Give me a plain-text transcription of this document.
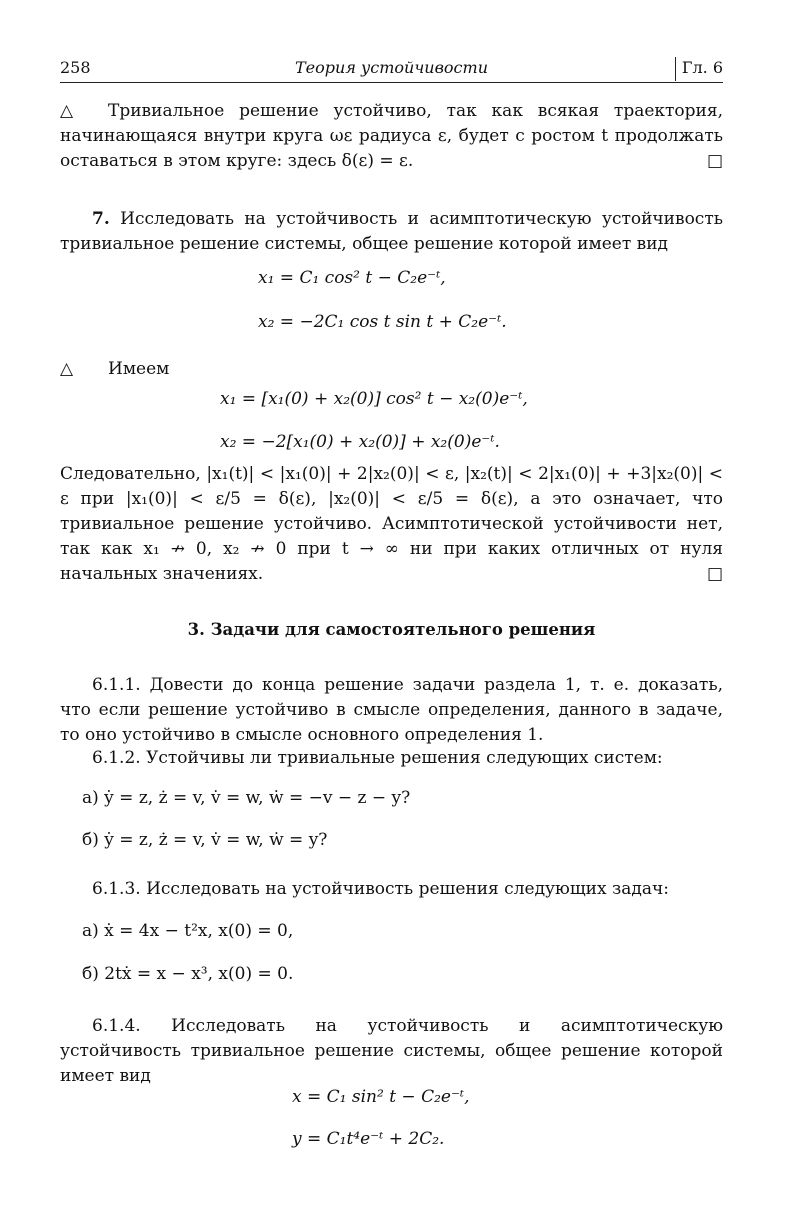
258	Теория устойчивости	Гл. 6
△ Тривиальное решение устойчиво, так как всякая траектория, начинающаяся внутри круга ωε радиуса ε, будет с ростом t продолжать оставаться в этом круге: здесь δ(ε) = ε.	□
7. Исследовать на устойчивость и асимптотическую устойчивость тривиальное решение системы, общее решение которой имеет вид
x₁ = C₁ cos² t − C₂e⁻ᵗ,
x₂ = −2C₁ cos t sin t + C₂e⁻ᵗ.
△ Имеем
x₁ = [x₁(0) + x₂(0)] cos² t − x₂(0)e⁻ᵗ,
x₂ = −2[x₁(0) + x₂(0)] + x₂(0)e⁻ᵗ.
Следовательно, |x₁(t)| < |x₁(0)| + 2|x₂(0)| < ε, |x₂(t)| < 2|x₁(0)| + +3|x₂(0)| < ε при |x₁(0)| < ε/5 = δ(ε), |x₂(0)| < ε/5 = δ(ε), а это означает, что тривиальное решение устойчиво. Асимптотической устойчивости нет, так как x₁ ↛ 0, x₂ ↛ 0 при t → ∞ ни при каких отличных от нуля начальных значениях.	□
3. Задачи для самостоятельного решения
6.1.1. Довести до конца решение задачи раздела 1, т. е. доказать, что если решение устойчиво в смысле определения, данного в задаче, то оно устойчиво в смысле основного определения 1.
6.1.2. Устойчивы ли тривиальные решения следующих систем:
а) ẏ = z, ż = v, v̇ = w, ẇ = −v − z − y?
б) ẏ = z, ż = v, v̇ = w, ẇ = y?
6.1.3. Исследовать на устойчивость решения следующих задач:
а) ẋ = 4x − t²x, x(0) = 0,
б) 2tẋ = x − x³, x(0) = 0.
6.1.4. Исследовать на устойчивость и асимптотическую устойчивость тривиальное решение системы, общее решение которой имеет вид
x = C₁ sin² t − C₂e⁻ᵗ,
y = C₁t⁴e⁻ᵗ + 2C₂.
